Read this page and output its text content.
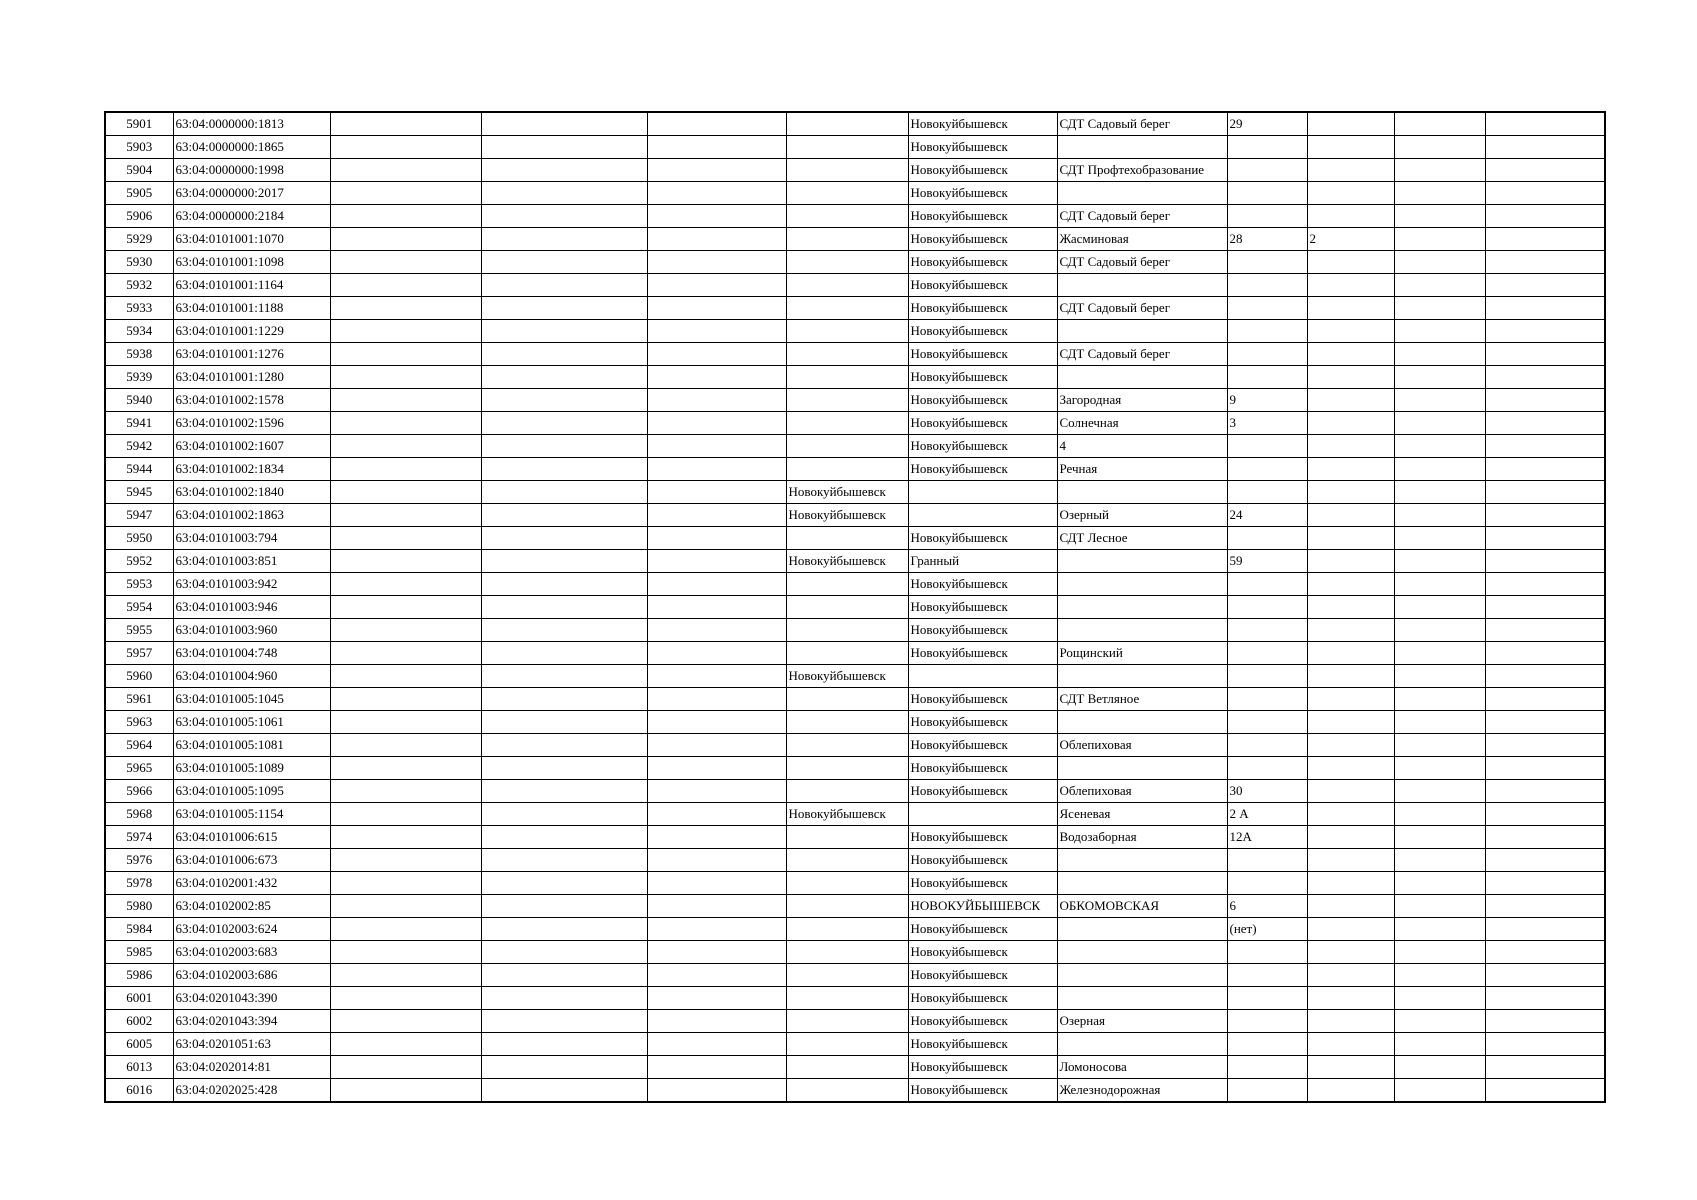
5901	63:04:0000000:1813					Новокуйбышевск	СДТ Садовый берег	29			
5903	63:04:0000000:1865					Новокуйбышевск					
5904	63:04:0000000:1998					Новокуйбышевск	СДТ Профтехобразование				
5905	63:04:0000000:2017					Новокуйбышевск					
5906	63:04:0000000:2184					Новокуйбышевск	СДТ Садовый берег				
5929	63:04:0101001:1070					Новокуйбышевск	Жасминовая	28	2		
5930	63:04:0101001:1098					Новокуйбышевск	СДТ Садовый берег				
5932	63:04:0101001:1164					Новокуйбышевск					
5933	63:04:0101001:1188					Новокуйбышевск	СДТ Садовый берег				
5934	63:04:0101001:1229					Новокуйбышевск					
5938	63:04:0101001:1276					Новокуйбышевск	СДТ Садовый берег				
5939	63:04:0101001:1280					Новокуйбышевск					
5940	63:04:0101002:1578					Новокуйбышевск	Загородная	9			
5941	63:04:0101002:1596					Новокуйбышевск	Солнечная	3			
5942	63:04:0101002:1607					Новокуйбышевск	4				
5944	63:04:0101002:1834					Новокуйбышевск	Речная				
5945	63:04:0101002:1840				Новокуйбышевск						
5947	63:04:0101002:1863				Новокуйбышевск		Озерный	24			
5950	63:04:0101003:794					Новокуйбышевск	СДТ Лесное				
5952	63:04:0101003:851				Новокуйбышевск	Гранный		59			
5953	63:04:0101003:942					Новокуйбышевск					
5954	63:04:0101003:946					Новокуйбышевск					
5955	63:04:0101003:960					Новокуйбышевск					
5957	63:04:0101004:748					Новокуйбышевск	Рощинский				
5960	63:04:0101004:960				Новокуйбышевск						
5961	63:04:0101005:1045					Новокуйбышевск	СДТ Ветляное				
5963	63:04:0101005:1061					Новокуйбышевск					
5964	63:04:0101005:1081					Новокуйбышевск	Облепиховая				
5965	63:04:0101005:1089					Новокуйбышевск					
5966	63:04:0101005:1095					Новокуйбышевск	Облепиховая	30			
5968	63:04:0101005:1154				Новокуйбышевск		Ясеневая	2 А			
5974	63:04:0101006:615					Новокуйбышевск	Водозаборная	12А			
5976	63:04:0101006:673					Новокуйбышевск					
5978	63:04:0102001:432					Новокуйбышевск					
5980	63:04:0102002:85					НОВОКУЙБЫШЕВСК	ОБКОМОВСКАЯ	6			
5984	63:04:0102003:624					Новокуйбышевск		(нет)			
5985	63:04:0102003:683					Новокуйбышевск					
5986	63:04:0102003:686					Новокуйбышевск					
6001	63:04:0201043:390					Новокуйбышевск					
6002	63:04:0201043:394					Новокуйбышевск	Озерная				
6005	63:04:0201051:63					Новокуйбышевск					
6013	63:04:0202014:81					Новокуйбышевск	Ломоносова				
6016	63:04:0202025:428					Новокуйбышевск	Железнодорожная				
